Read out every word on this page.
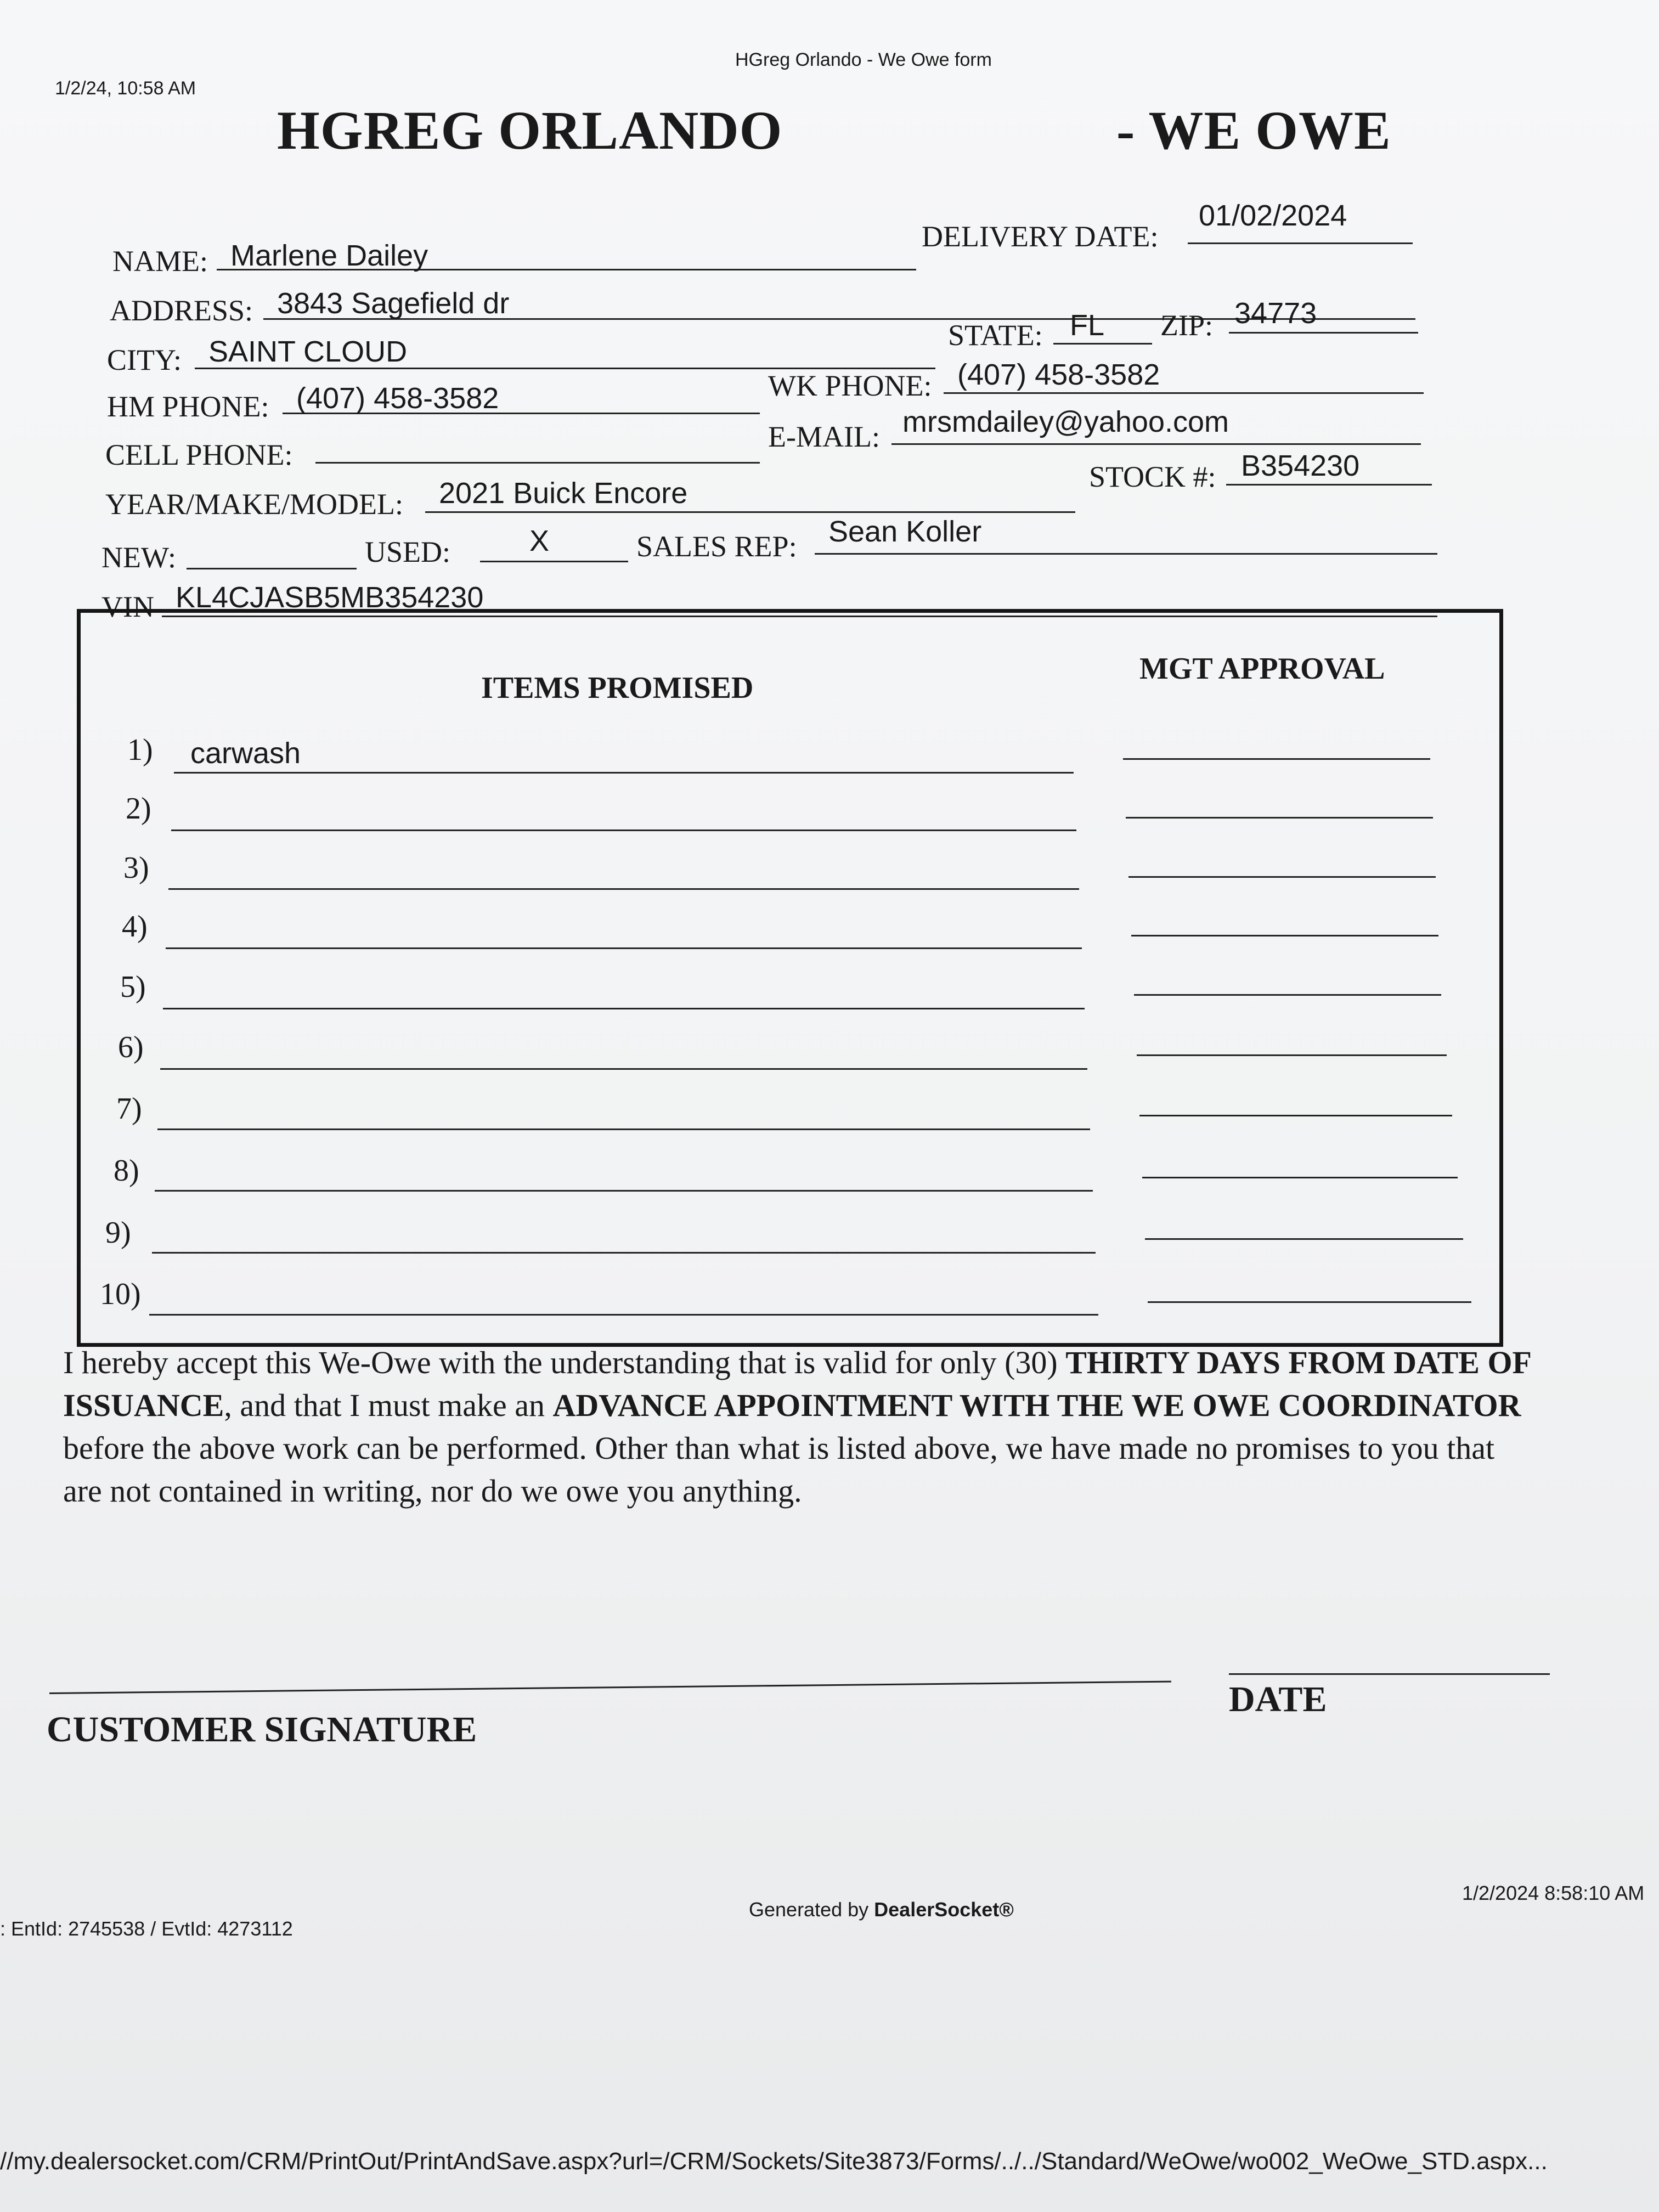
1/2/24, 10:58 AM
HGreg Orlando - We Owe form
HGREG ORLANDO	- WE OWE
NAME: Marlene Dailey
DELIVERY DATE:
01/02/2024
ADDRESS: 3843 Sagefield dr
CITY: SAINT CLOUD	STATE: FL ZIP: 34773
HM PHONE: (407) 458-3582	WK PHONE: (407) 458-3582
CELL PHONE:
E-MAIL: mrsmdailey@yahoo.com
YEAR/MAKE/MODEL: 2021 Buick Encore	STOCK #: B354230
NEW:	USED:	X	SALES REP: Sean Koller
VIN KL4CJASB5MB354230
ITEMS PROMISED
MGT APPROVAL
1) carwash
2)
3)
4)
5)
6)
7)
8)
9)
10)
I hereby accept this We-Owe with the understanding that is valid for only (30) THIRTY DAYS FROM DATE OF ISSUANCE, and that I must make an ADVANCE APPOINTMENT WITH THE WE OWE COORDINATOR before the above work can be performed. Other than what is listed above, we have made no promises to you that are not contained in writing, nor do we owe you anything.
CUSTOMER SIGNATURE
DATE
: EntId: 2745538 / EvtId: 4273112
Generated by DealerSocket®
1/2/2024 8:58:10 AM
//my.dealersocket.com/CRM/PrintOut/PrintAndSave.aspx?url=/CRM/Sockets/Site3873/Forms/../../Standard/WeOwe/wo002_WeOwe_STD.aspx...
